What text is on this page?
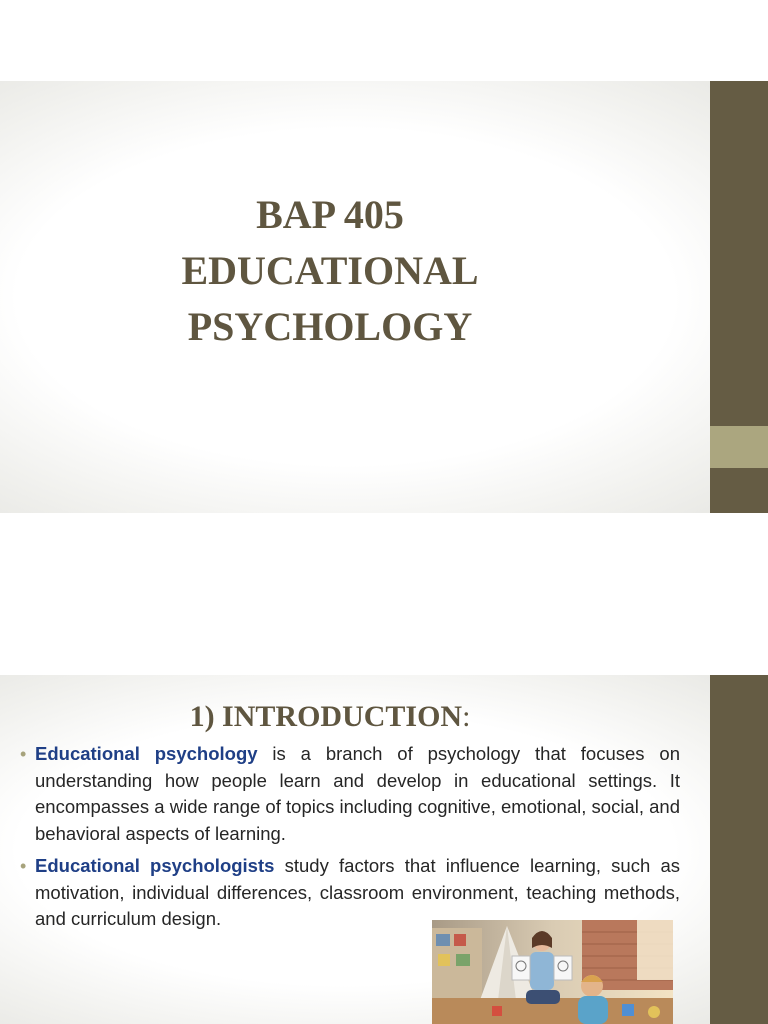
BAP 405
EDUCATIONAL
PSYCHOLOGY
1) INTRODUCTION:
• Educational psychology is a branch of psychology that focuses on understanding how people learn and develop in educational settings. It encompasses a wide range of topics including cognitive, emotional, social, and behavioral aspects of learning.
• Educational psychologists study factors that influence learning, such as motivation, individual differences, classroom environment, teaching methods, and curriculum design.
